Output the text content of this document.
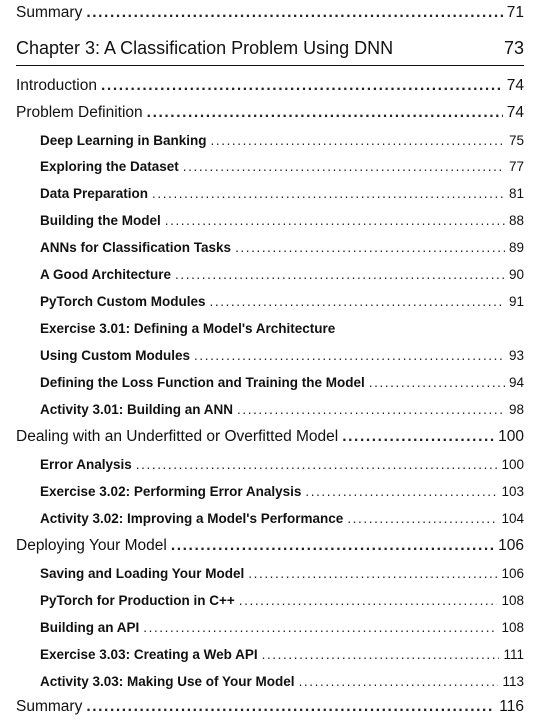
Summary .....	71
Chapter 3: A Classification Problem Using DNN	73
Introduction .....	74
Problem Definition .....	74
Deep Learning in Banking .....	75
Exploring the Dataset .....	77
Data Preparation .....	81
Building the Model .....	88
ANNs for Classification Tasks .....	89
A Good Architecture .....	90
PyTorch Custom Modules .....	91
Exercise 3.01: Defining a Model's Architecture
Using Custom Modules .....	93
Defining the Loss Function and Training the Model .....	94
Activity 3.01: Building an ANN .....	98
Dealing with an Underfitted or Overfitted Model .....	100
Error Analysis .....	100
Exercise 3.02: Performing Error Analysis .....	103
Activity 3.02: Improving a Model's Performance .....	104
Deploying Your Model .....	106
Saving and Loading Your Model .....	106
PyTorch for Production in C++ .....	108
Building an API .....	108
Exercise 3.03: Creating a Web API .....	111
Activity 3.03: Making Use of Your Model .....	113
Summary .....	116
